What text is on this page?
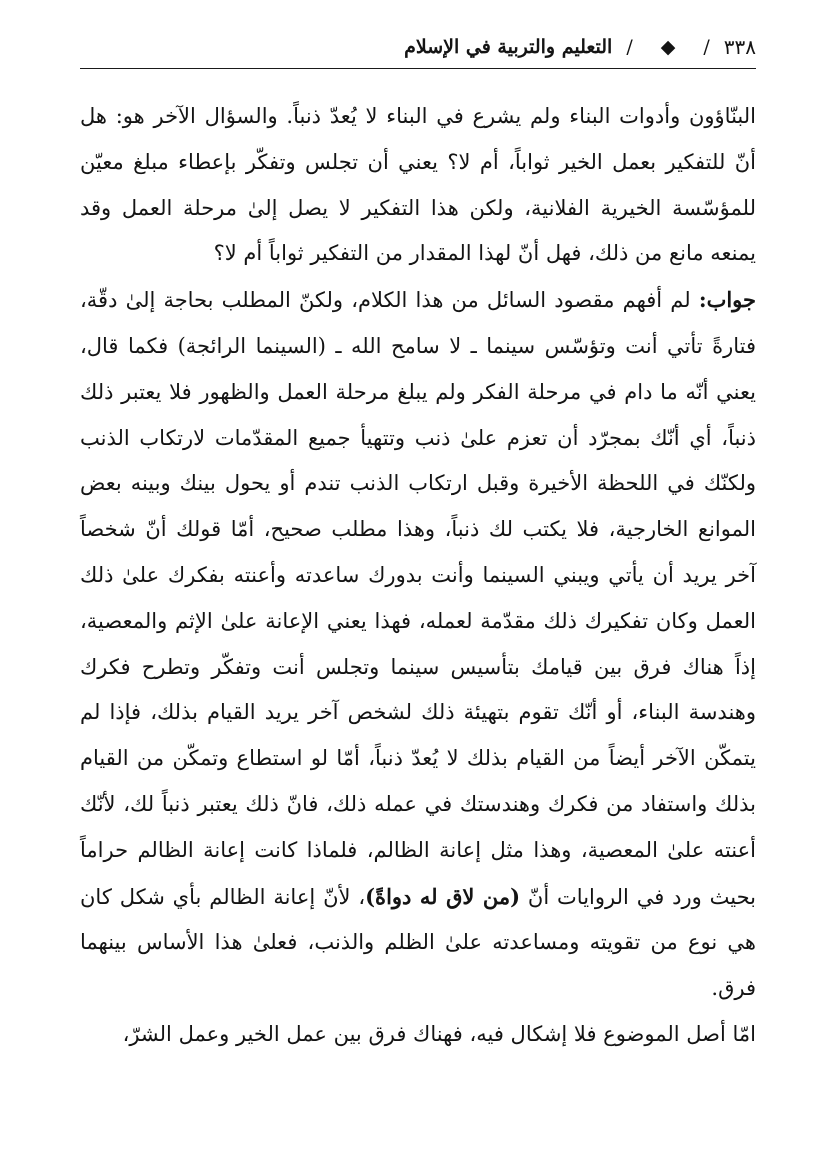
٣٣٨
/
◆
/
التعليم والتربية في الإسلام

البنّاؤون وأدوات البناء ولم يشرع في البناء لا يُعدّ ذنباً. والسؤال الآخر هو: هل أنّ للتفكير بعمل الخير ثواباً، أم لا؟ يعني أن تجلس وتفكّر بإعطاء مبلغ معيّن للمؤسّسة الخيرية الفلانية، ولكن هذا التفكير لا يصل إلىٰ مرحلة العمل وقد يمنعه مانع من ذلك، فهل أنّ لهذا المقدار من التفكير ثواباً أم لا؟

جواب: لم أفهم مقصود السائل من هذا الكلام، ولكنّ المطلب بحاجة إلىٰ دقّة، فتارةً تأتي أنت وتؤسّس سينما ـ لا سامح الله ـ (السينما الرائجة) فكما قال، يعني أنّه ما دام في مرحلة الفكر ولم يبلغ مرحلة العمل والظهور فلا يعتبر ذلك ذنباً، أي أنّك بمجرّد أن تعزم علىٰ ذنب وتتهيأ جميع المقدّمات لارتكاب الذنب ولكنّك في اللحظة الأخيرة وقبل ارتكاب الذنب تندم أو يحول بينك وبينه بعض الموانع الخارجية، فلا يكتب لك ذنباً، وهذا مطلب صحيح، أمّا قولك أنّ شخصاً آخر يريد أن يأتي ويبني السينما وأنت بدورك ساعدته وأعنته بفكرك علىٰ ذلك العمل وكان تفكيرك ذلك مقدّمة لعمله، فهذا يعني الإعانة علىٰ الإثم والمعصية، إذاً هناك فرق بين قيامك بتأسيس سينما وتجلس أنت وتفكّر وتطرح فكرك وهندسة البناء، أو أنّك تقوم بتهيئة ذلك لشخص آخر يريد القيام بذلك، فإذا لم يتمكّن الآخر أيضاً من القيام بذلك لا يُعدّ ذنباً، أمّا لو استطاع وتمكّن من القيام بذلك واستفاد من فكرك وهندستك في عمله ذلك، فانّ ذلك يعتبر ذنباً لك، لأنّك أعنته علىٰ المعصية، وهذا مثل إعانة الظالم، فلماذا كانت إعانة الظالم حراماً بحيث ورد في الروايات أنّ (من لاق له دواةً)، لأنّ إعانة الظالم بأي شكل كان هي نوع من تقويته ومساعدته علىٰ الظلم والذنب، فعلىٰ هذا الأساس بينهما فرق.

امّا أصل الموضوع فلا إشكال فيه، فهناك فرق بين عمل الخير وعمل الشرّ،
